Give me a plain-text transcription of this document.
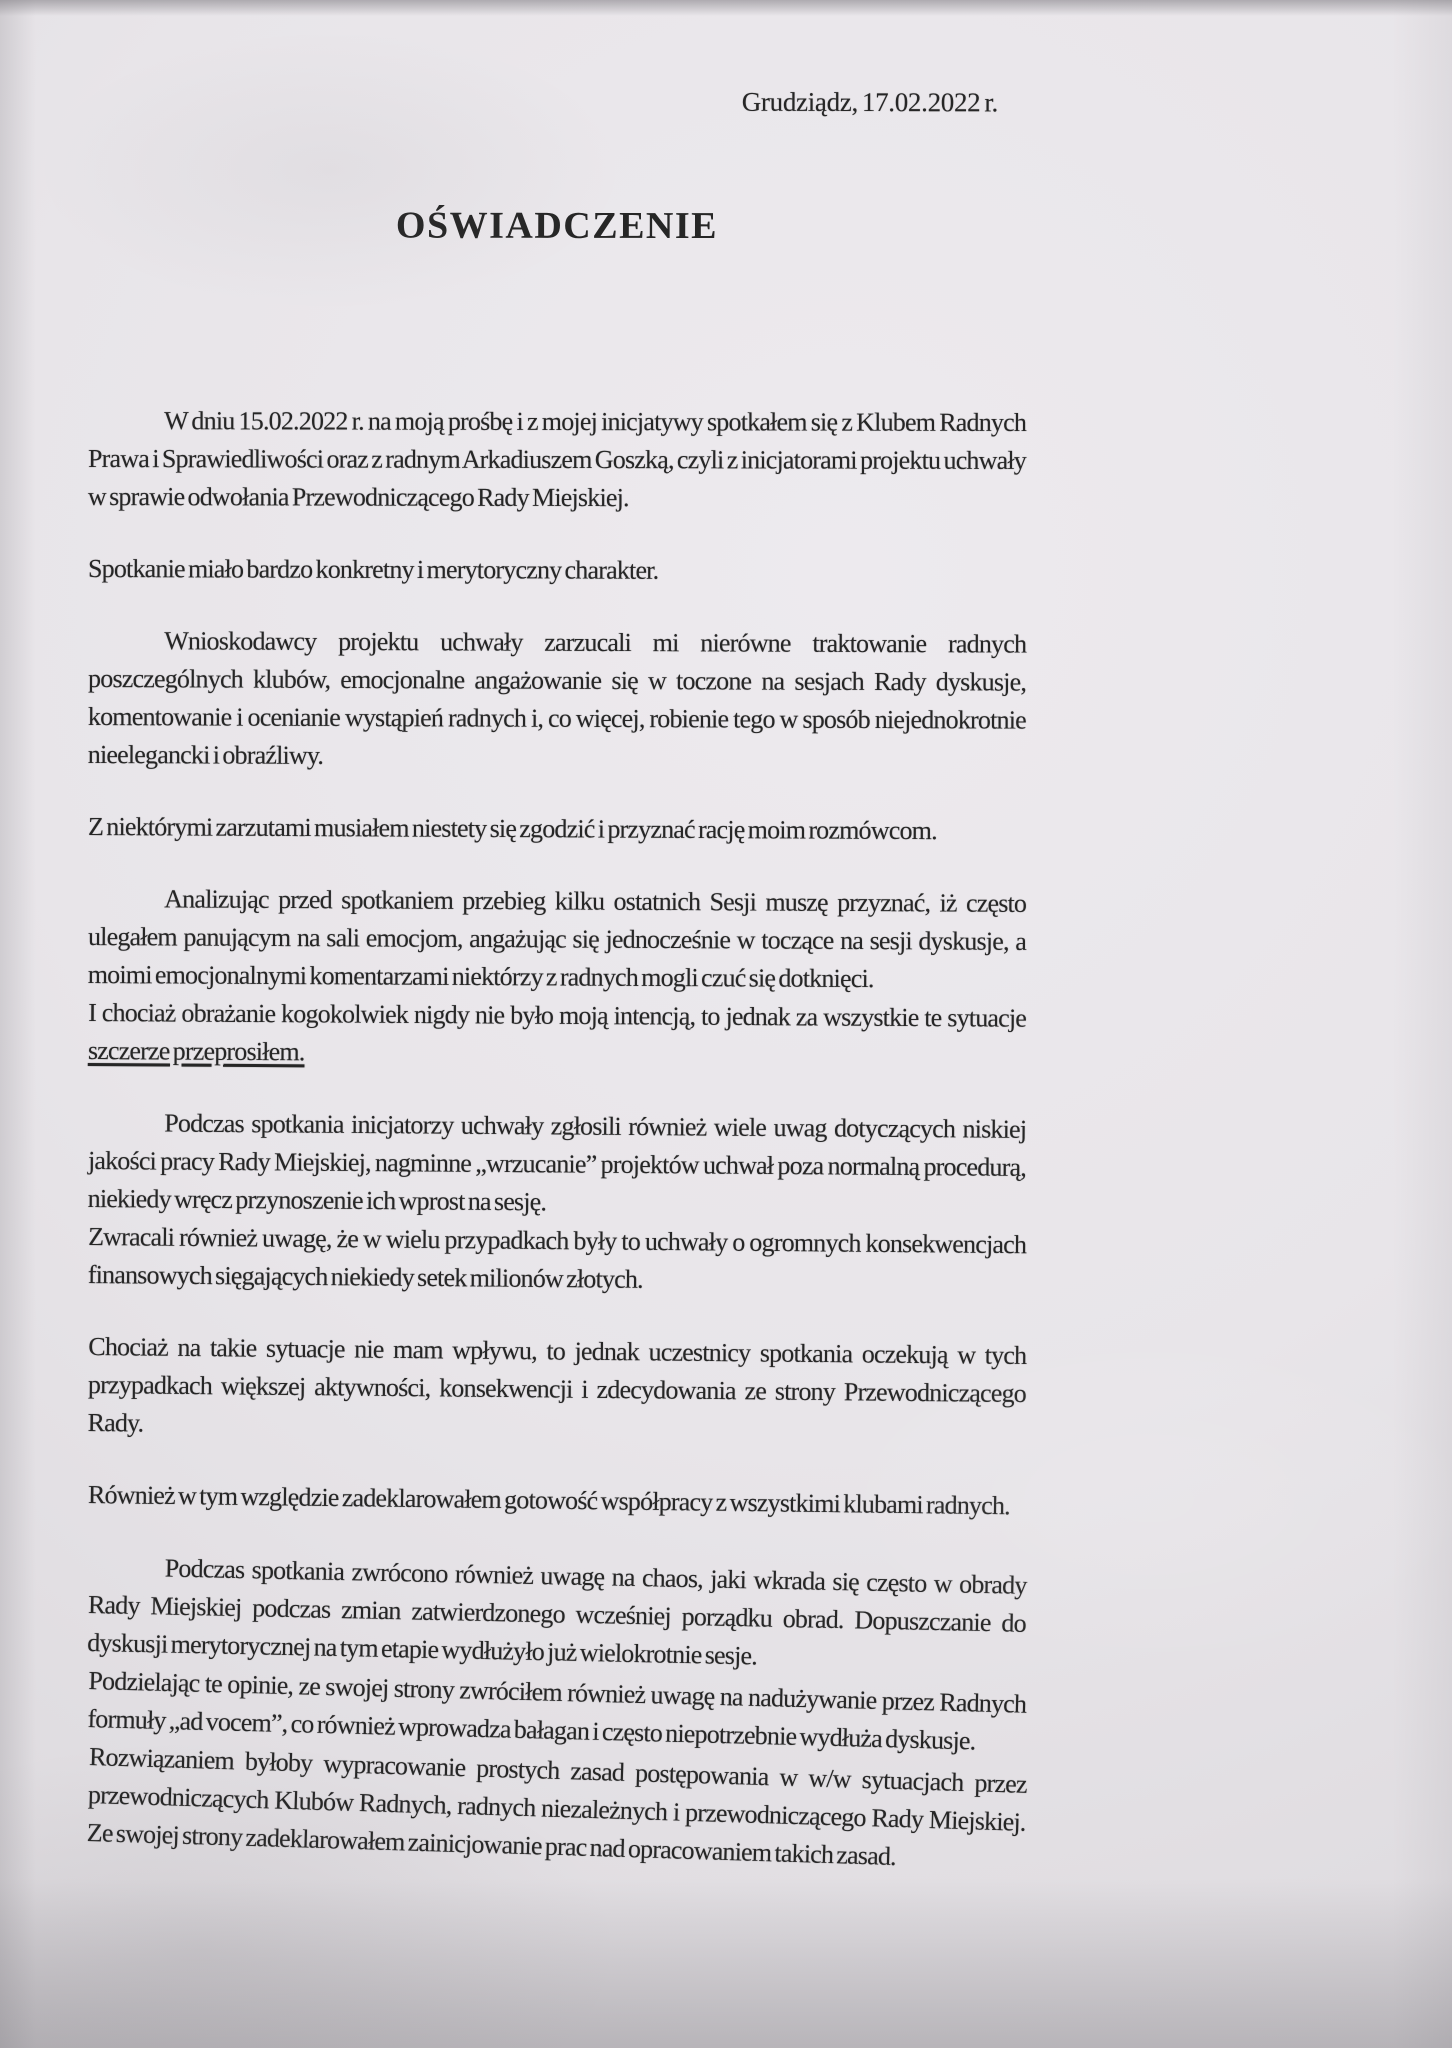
Grudziądz, 17.02.2022 r.
OŚWIADCZENIE

W dniu 15.02.2022 r. na moją prośbę i z mojej inicjatywy spotkałem się z Klubem Radnych Prawa i Sprawiedliwości oraz z radnym Arkadiuszem Goszką, czyli z inicjatorami projektu uchwały w sprawie odwołania Przewodniczącego Rady Miejskiej.

Spotkanie miało bardzo konkretny i merytoryczny charakter.

Wnioskodawcy projektu uchwały zarzucali mi nierówne traktowanie radnych poszczególnych klubów, emocjonalne angażowanie się w toczone na sesjach Rady dyskusje, komentowanie i ocenianie wystąpień radnych i, co więcej, robienie tego w sposób niejednokrotnie nieelegancki i obraźliwy.

Z niektórymi zarzutami musiałem niestety się zgodzić i przyznać rację moim rozmówcom.

Analizując przed spotkaniem przebieg kilku ostatnich Sesji muszę przyznać, iż często ulegałem panującym na sali emocjom, angażując się jednocześnie w toczące na sesji dyskusje, a moimi emocjonalnymi komentarzami niektórzy z radnych mogli czuć się dotknięci.

I chociaż obrażanie kogokolwiek nigdy nie było moją intencją, to jednak za wszystkie te sytuacje szczerze przeprosiłem.

Podczas spotkania inicjatorzy uchwały zgłosili również wiele uwag dotyczących niskiej jakości pracy Rady Miejskiej, nagminne „wrzucanie” projektów uchwał poza normalną procedurą, niekiedy wręcz przynoszenie ich wprost na sesję.

Zwracali również uwagę, że w wielu przypadkach były to uchwały o ogromnych konsekwencjach finansowych sięgających niekiedy setek milionów złotych.

Chociaż na takie sytuacje nie mam wpływu, to jednak uczestnicy spotkania oczekują w tych przypadkach większej aktywności, konsekwencji i zdecydowania ze strony Przewodniczącego Rady.

Również w tym względzie zadeklarowałem gotowość współpracy z wszystkimi klubami radnych.

Podczas spotkania zwrócono również uwagę na chaos, jaki wkrada się często w obrady Rady Miejskiej podczas zmian zatwierdzonego wcześniej porządku obrad. Dopuszczanie do dyskusji merytorycznej na tym etapie wydłużyło już wielokrotnie sesje.

Podzielając te opinie, ze swojej strony zwróciłem również uwagę na nadużywanie przez Radnych formuły „ad vocem”, co również wprowadza bałagan i często niepotrzebnie wydłuża dyskusje.

Rozwiązaniem byłoby wypracowanie prostych zasad postępowania w w/w sytuacjach przez przewodniczących Klubów Radnych, radnych niezależnych i przewodniczącego Rady Miejskiej. Ze swojej strony zadeklarowałem zainicjowanie prac nad opracowaniem takich zasad.
